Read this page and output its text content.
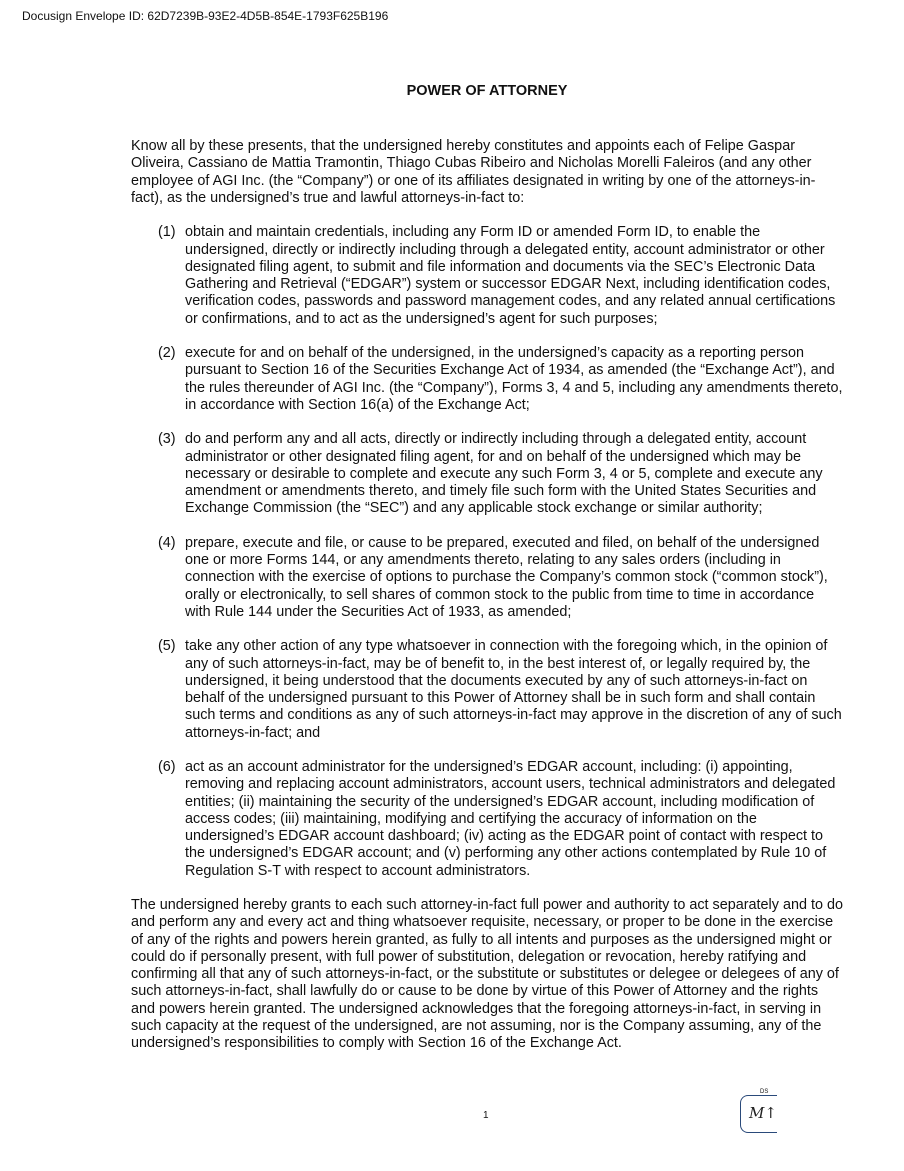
Docusign Envelope ID: 62D7239B-93E2-4D5B-854E-1793F625B196
POWER OF ATTORNEY

Know all by these presents, that the undersigned hereby constitutes and appoints each of Felipe Gaspar Oliveira, Cassiano de Mattia Tramontin, Thiago Cubas Ribeiro and Nicholas Morelli Faleiros (and any other employee of AGI Inc. (the “Company”) or one of its affiliates designated in writing by one of the attorneys-in-fact), as the undersigned’s true and lawful attorneys-in-fact to:

(1) obtain and maintain credentials, including any Form ID or amended Form ID, to enable the undersigned, directly or indirectly including through a delegated entity, account administrator or other designated filing agent, to submit and file information and documents via the SEC’s Electronic Data Gathering and Retrieval (“EDGAR”) system or successor EDGAR Next, including identification codes, verification codes, passwords and password management codes, and any related annual certifications or confirmations, and to act as the undersigned’s agent for such purposes;
(2) execute for and on behalf of the undersigned, in the undersigned’s capacity as a reporting person pursuant to Section 16 of the Securities Exchange Act of 1934, as amended (the “Exchange Act”), and the rules thereunder of AGI Inc. (the “Company”), Forms 3, 4 and 5, including any amendments thereto, in accordance with Section 16(a) of the Exchange Act;
(3) do and perform any and all acts, directly or indirectly including through a delegated entity, account administrator or other designated filing agent, for and on behalf of the undersigned which may be necessary or desirable to complete and execute any such Form 3, 4 or 5, complete and execute any amendment or amendments thereto, and timely file such form with the United States Securities and Exchange Commission (the “SEC”) and any applicable stock exchange or similar authority;
(4) prepare, execute and file, or cause to be prepared, executed and filed, on behalf of the undersigned one or more Forms 144, or any amendments thereto, relating to any sales orders (including in connection with the exercise of options to purchase the Company’s common stock (“common stock”), orally or electronically, to sell shares of common stock to the public from time to time in accordance with Rule 144 under the Securities Act of 1933, as amended;
(5) take any other action of any type whatsoever in connection with the foregoing which, in the opinion of any of such attorneys-in-fact, may be of benefit to, in the best interest of, or legally required by, the undersigned, it being understood that the documents executed by any of such attorneys-in-fact on behalf of the undersigned pursuant to this Power of Attorney shall be in such form and shall contain such terms and conditions as any of such attorneys-in-fact may approve in the discretion of any of such attorneys-in-fact; and
(6) act as an account administrator for the undersigned’s EDGAR account, including: (i) appointing, removing and replacing account administrators, account users, technical administrators and delegated entities; (ii) maintaining the security of the undersigned’s EDGAR account, including modification of access codes; (iii) maintaining, modifying and certifying the accuracy of information on the undersigned’s EDGAR account dashboard; (iv) acting as the EDGAR point of contact with respect to the undersigned’s EDGAR account; and (v) performing any other actions contemplated by Rule 10 of Regulation S-T with respect to account administrators.

The undersigned hereby grants to each such attorney-in-fact full power and authority to act separately and to do and perform any and every act and thing whatsoever requisite, necessary, or proper to be done in the exercise of any of the rights and powers herein granted, as fully to all intents and purposes as the undersigned might or could do if personally present, with full power of substitution, delegation or revocation, hereby ratifying and confirming all that any of such attorneys-in-fact, or the substitute or substitutes or delegee or delegees of any of such attorneys-in-fact, shall lawfully do or cause to be done by virtue of this Power of Attorney and the rights and powers herein granted. The undersigned acknowledges that the foregoing attorneys-in-fact, in serving in such capacity at the request of the undersigned, are not assuming, nor is the Company assuming, any of the undersigned’s responsibilities to comply with Section 16 of the Exchange Act.

1
DS
M↑
